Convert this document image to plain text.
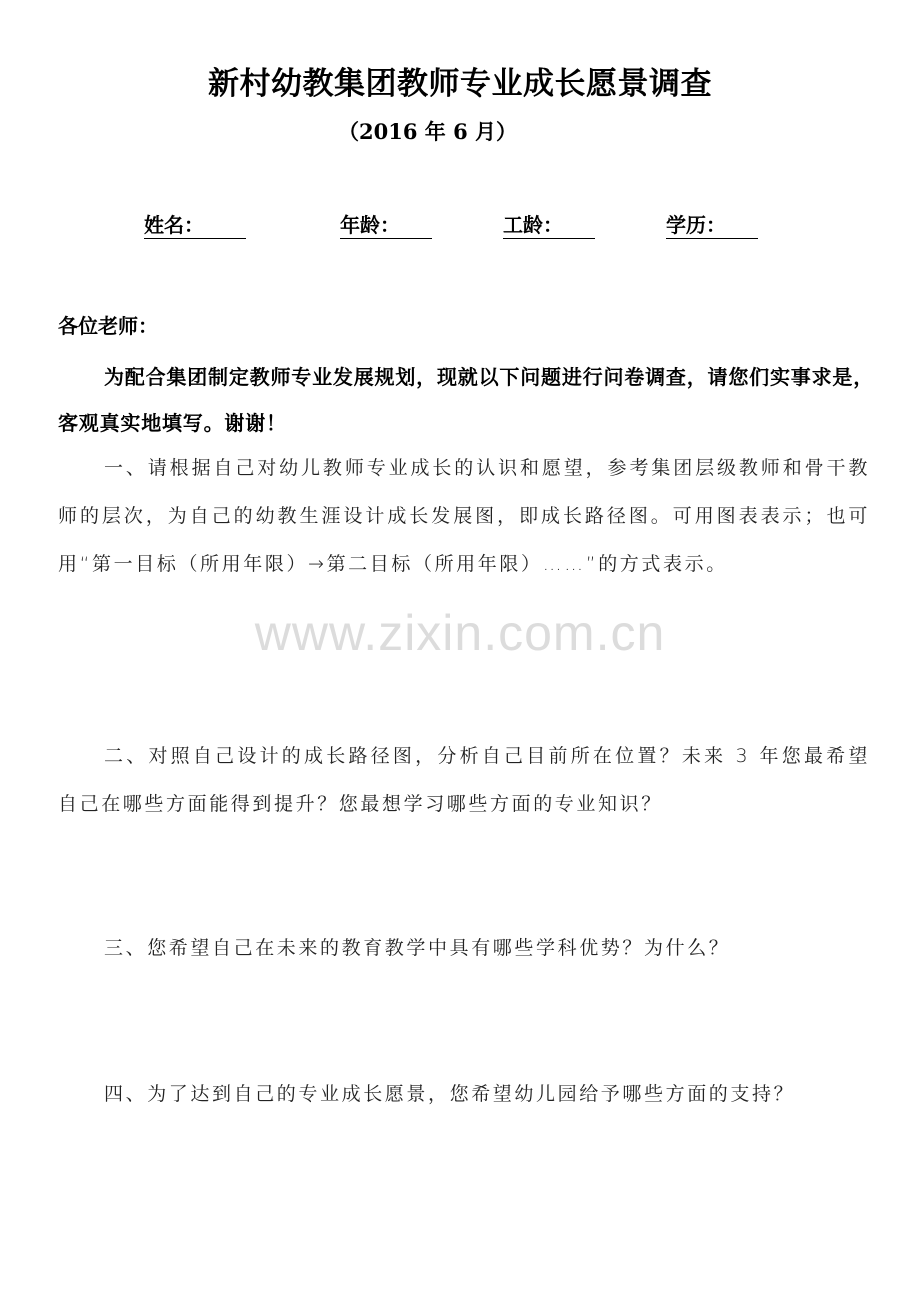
新村幼教集团教师专业成长愿景调查
（2016 年 6 月）
姓名：	年龄：	工龄：	学历：
各位老师：
为配合集团制定教师专业发展规划，现就以下问题进行问卷调查，请您们实事求是，客观真实地填写。谢谢！
一、请根据自己对幼儿教师专业成长的认识和愿望，参考集团层级教师和骨干教师的层次，为自己的幼教生涯设计成长发展图，即成长路径图。可用图表表示；也可用“第一目标（所用年限）→第二目标（所用年限）……”的方式表示。
www.zixin.com.cn
二、对照自己设计的成长路径图，分析自己目前所在位置？未来 3 年您最希望自己在哪些方面能得到提升？您最想学习哪些方面的专业知识？
三、您希望自己在未来的教育教学中具有哪些学科优势？为什么？
四、为了达到自己的专业成长愿景，您希望幼儿园给予哪些方面的支持？
